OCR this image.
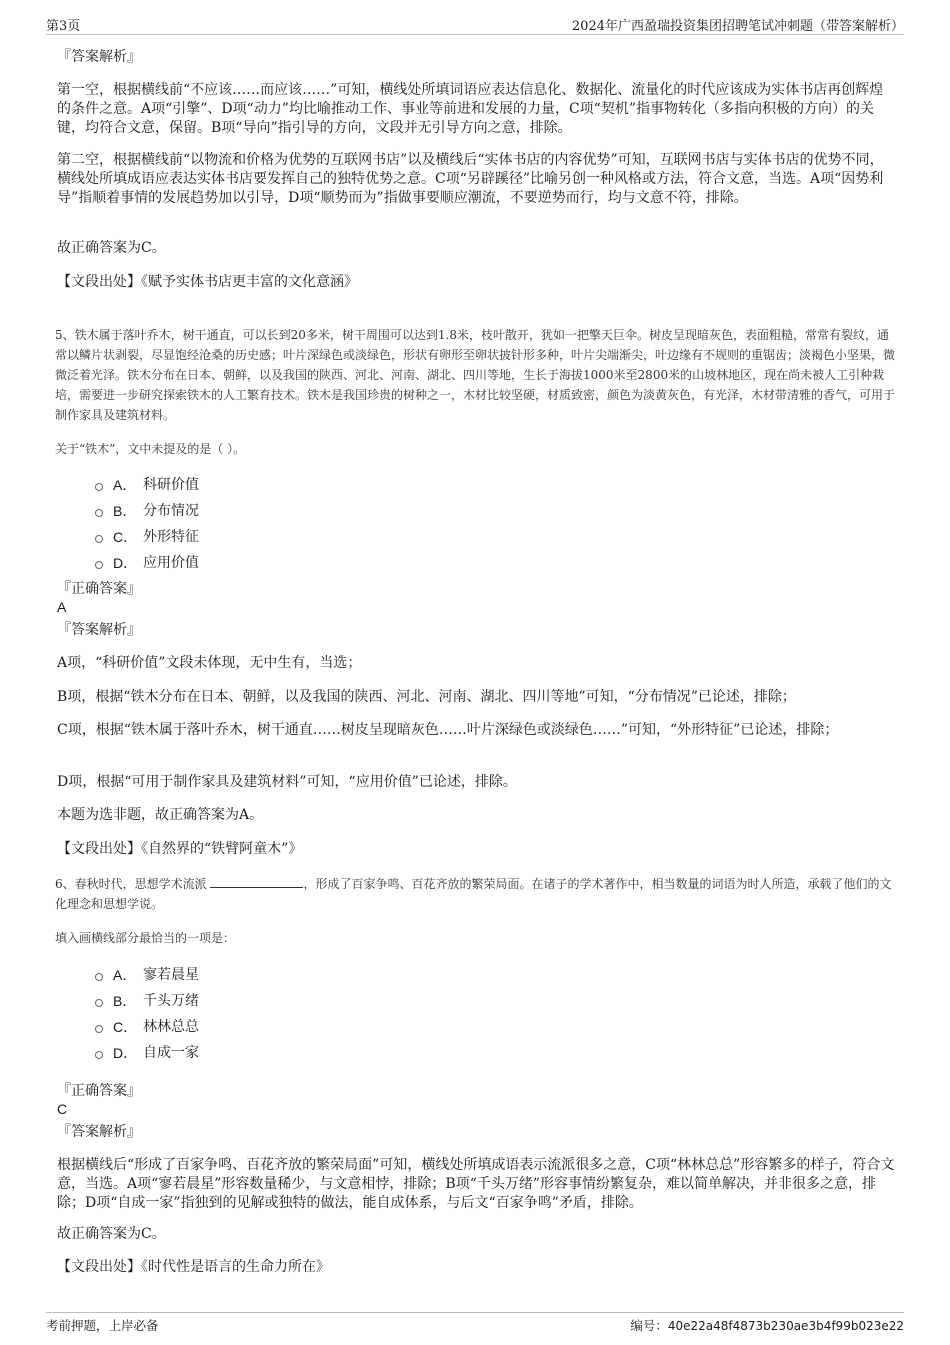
第3页	2024年广西盈瑞投资集团招聘笔试冲刺题（带答案解析）

『答案解析』

第一空，根据横线前“不应该……而应该……”可知，横线处所填词语应表达信息化、数据化、流量化的时代应该成为实体书店再创辉煌的条件之意。A项“引擎”、D项“动力”均比喻推动工作、事业等前进和发展的力量，C项“契机”指事物转化（多指向积极的方向）的关键，均符合文意，保留。B项“导向”指引导的方向，文段并无引导方向之意，排除。

第二空，根据横线前“以物流和价格为优势的互联网书店”以及横线后“实体书店的内容优势”可知，互联网书店与实体书店的优势不同，横线处所填成语应表达实体书店要发挥自己的独特优势之意。C项“另辟蹊径”比喻另创一种风格或方法，符合文意，当选。A项“因势利导”指顺着事情的发展趋势加以引导，D项“顺势而为”指做事要顺应潮流，不要逆势而行，均与文意不符，排除。

故正确答案为C。

【文段出处】《赋予实体书店更丰富的文化意涵》

5、铁木属于落叶乔木，树干通直，可以长到20多米，树干周围可以达到1.8米，枝叶散开，犹如一把擎天巨伞。树皮呈现暗灰色，表面粗糙，常常有裂纹，通常以鳞片状剥裂，尽显饱经沧桑的历史感；叶片深绿色或淡绿色，形状有卵形至卵状披针形多种，叶片尖端渐尖，叶边缘有不规则的重锯齿；淡褐色小坚果，微微泛着光泽。铁木分布在日本、朝鲜，以及我国的陕西、河北、河南、湖北、四川等地，生长于海拔1000米至2800米的山坡林地区，现在尚未被人工引种栽培，需要进一步研究探索铁木的人工繁育技术。铁木是我国珍贵的树种之一，木材比较坚硬，材质致密，颜色为淡黄灰色，有光泽，木材带清雅的香气，可用于制作家具及建筑材料。

关于“铁木”，文中未提及的是（ ）。

A． 科研价值
B． 分布情况
C． 外形特征
D． 应用价值

『正确答案』

A

『答案解析』

A项，“科研价值”文段未体现，无中生有，当选；

B项，根据“铁木分布在日本、朝鲜，以及我国的陕西、河北、河南、湖北、四川等地”可知，“分布情况”已论述，排除；

C项，根据“铁木属于落叶乔木，树干通直……树皮呈现暗灰色……叶片深绿色或淡绿色……”可知，“外形特征”已论述，排除；

D项，根据“可用于制作家具及建筑材料”可知，“应用价值”已论述，排除。

本题为选非题，故正确答案为A。

【文段出处】《自然界的“铁臂阿童木”》

6、春秋时代，思想学术流派	，形成了百家争鸣、百花齐放的繁荣局面。在诸子的学术著作中，相当数量的词语为时人所造，承载了他们的文化理念和思想学说。

填入画横线部分最恰当的一项是：

A． 寥若晨星
B． 千头万绪
C． 林林总总
D． 自成一家

『正确答案』

C

『答案解析』

根据横线后“形成了百家争鸣、百花齐放的繁荣局面”可知，横线处所填成语表示流派很多之意，C项“林林总总”形容繁多的样子，符合文意，当选。A项“寥若晨星”形容数量稀少，与文意相悖，排除；B项“千头万绪”形容事情纷繁复杂，难以简单解决，并非很多之意，排除；D项“自成一家”指独到的见解或独特的做法，能自成体系，与后文“百家争鸣”矛盾，排除。

故正确答案为C。

【文段出处】《时代性是语言的生命力所在》

考前押题，上岸必备	编号：40e22a48f4873b230ae3b4f99b023e22
